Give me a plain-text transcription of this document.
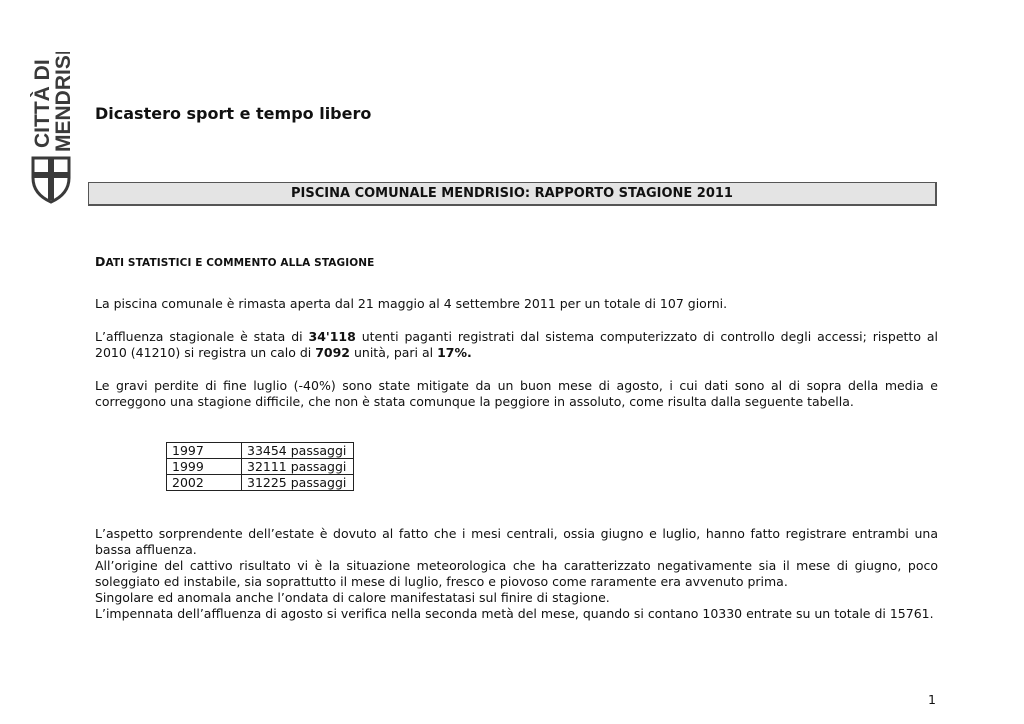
CITTÀ DI
MENDRISIO Dicastero sport e tempo libero
PISCINA COMUNALE MENDRISIO: RAPPORTO STAGIONE 2011
DATI STATISTICI E COMMENTO ALLA STAGIONE

La piscina comunale è rimasta aperta dal 21 maggio al 4 settembre 2011 per un totale di 107 giorni.

L’affluenza stagionale è stata di 34'118 utenti paganti registrati dal sistema computerizzato di controllo degli accessi; rispetto al 2010 (41210) si registra un calo di 7092 unità, pari al 17%.

Le gravi perdite di fine luglio (-40%) sono state mitigate da un buon mese di agosto, i cui dati sono al di sopra della media e correggono una stagione difficile, che non è stata comunque la peggiore in assoluto, come risulta dalla seguente tabella.

1997	33454 passaggi
1999	32111 passaggi
2002	31225 passaggi

L’aspetto sorprendente dell’estate è dovuto al fatto che i mesi centrali, ossia giugno e luglio, hanno fatto registrare entrambi una bassa affluenza.

All’origine del cattivo risultato vi è la situazione meteorologica che ha caratterizzato negativamente sia il mese di giugno, poco soleggiato ed instabile, sia soprattutto il mese di luglio, fresco e piovoso come raramente era avvenuto prima.

Singolare ed anomala anche l’ondata di calore manifestatasi sul finire di stagione.

L’impennata dell’affluenza di agosto si verifica nella seconda metà del mese, quando si contano 10330 entrate su un totale di 15761.

1
